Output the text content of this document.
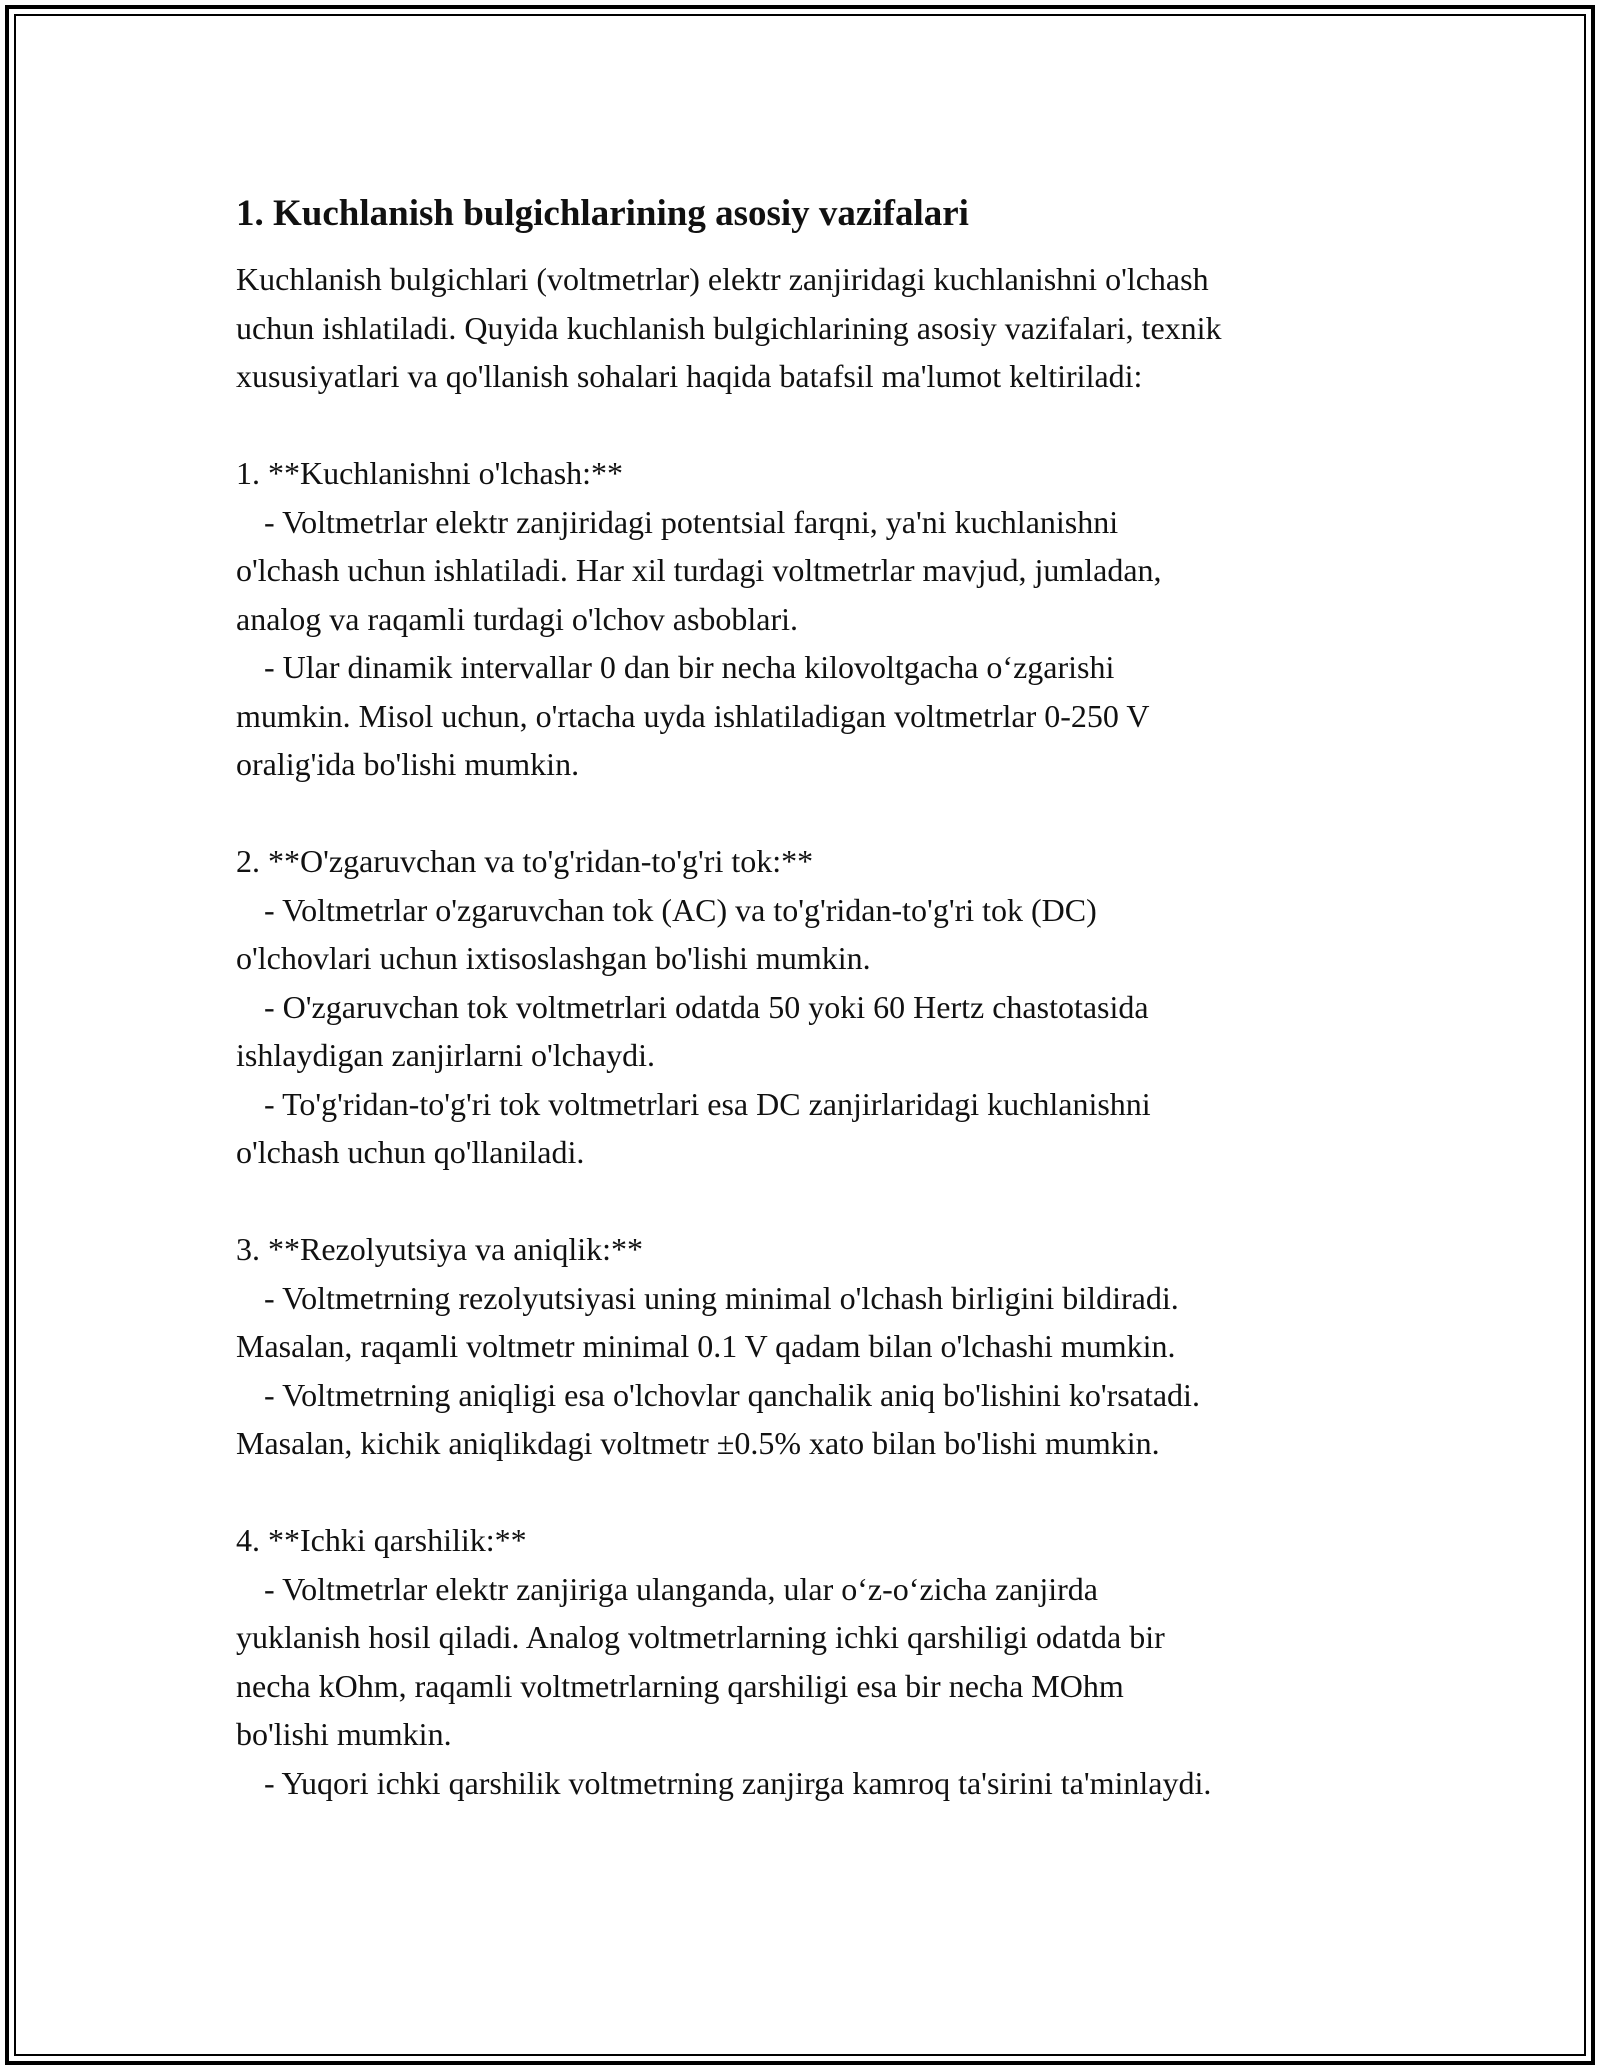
1. Kuchlanish bulgichlarining asosiy vazifalari
Kuchlanish bulgichlari (voltmetrlar) elektr zanjiridagi kuchlanishni o'lchash
uchun ishlatiladi. Quyida kuchlanish bulgichlarining asosiy vazifalari, texnik
xususiyatlari va qo'llanish sohalari haqida batafsil ma'lumot keltiriladi:
1. **Kuchlanishni o'lchash:**
- Voltmetrlar elektr zanjiridagi potentsial farqni, ya'ni kuchlanishni
o'lchash uchun ishlatiladi. Har xil turdagi voltmetrlar mavjud, jumladan,
analog va raqamli turdagi o'lchov asboblari.
- Ular dinamik intervallar 0 dan bir necha kilovoltgacha o‘zgarishi
mumkin. Misol uchun, o'rtacha uyda ishlatiladigan voltmetrlar 0-250 V
oralig'ida bo'lishi mumkin.
2. **O'zgaruvchan va to'g'ridan-to'g'ri tok:**
- Voltmetrlar o'zgaruvchan tok (AC) va to'g'ridan-to'g'ri tok (DC)
o'lchovlari uchun ixtisoslashgan bo'lishi mumkin.
- O'zgaruvchan tok voltmetrlari odatda 50 yoki 60 Hertz chastotasida
ishlaydigan zanjirlarni o'lchaydi.
- To'g'ridan-to'g'ri tok voltmetrlari esa DC zanjirlaridagi kuchlanishni
o'lchash uchun qo'llaniladi.
3. **Rezolyutsiya va aniqlik:**
- Voltmetrning rezolyutsiyasi uning minimal o'lchash birligini bildiradi.
Masalan, raqamli voltmetr minimal 0.1 V qadam bilan o'lchashi mumkin.
- Voltmetrning aniqligi esa o'lchovlar qanchalik aniq bo'lishini ko'rsatadi.
Masalan, kichik aniqlikdagi voltmetr ±0.5% xato bilan bo'lishi mumkin.
4. **Ichki qarshilik:**
- Voltmetrlar elektr zanjiriga ulanganda, ular o‘z-o‘zicha zanjirda
yuklanish hosil qiladi. Analog voltmetrlarning ichki qarshiligi odatda bir
necha kOhm, raqamli voltmetrlarning qarshiligi esa bir necha MOhm
bo'lishi mumkin.
- Yuqori ichki qarshilik voltmetrning zanjirga kamroq ta'sirini ta'minlaydi.
